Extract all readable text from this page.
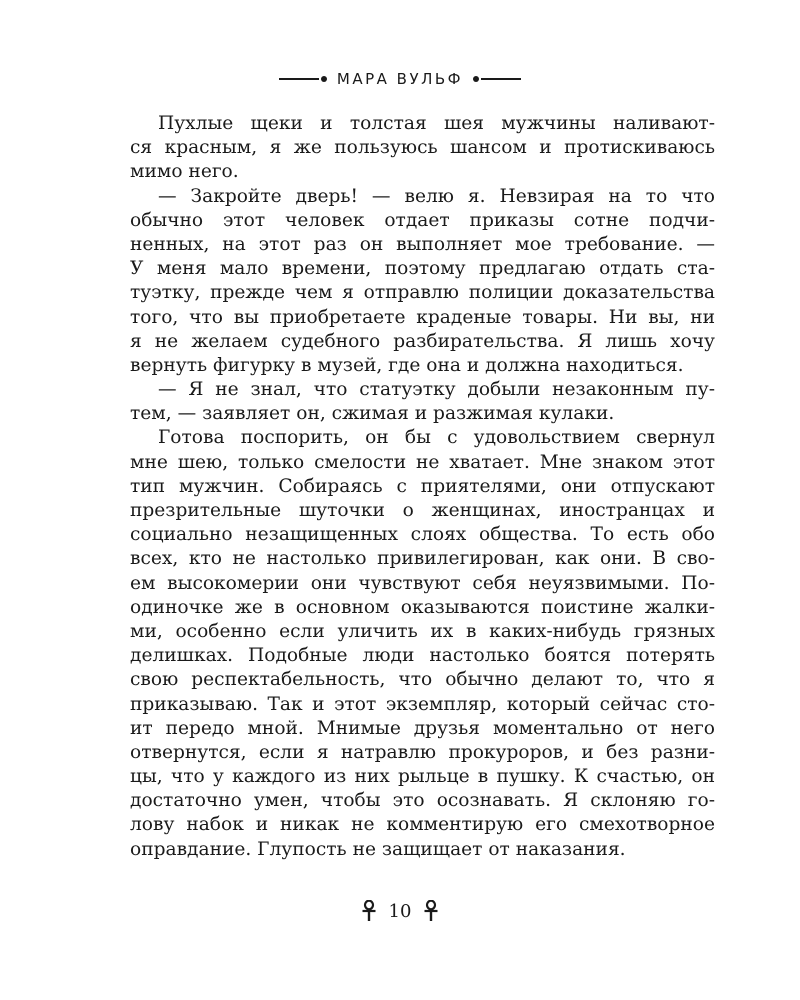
МАРА ВУЛЬФ
Пухлые щеки и толстая шея мужчины наливают-
ся красным, я же пользуюсь шансом и протискиваюсь
мимо него.
— Закройте дверь! — велю я. Невзирая на то что
обычно этот человек отдает приказы сотне подчи-
ненных, на этот раз он выполняет мое требование. —
У меня мало времени, поэтому предлагаю отдать ста-
туэтку, прежде чем я отправлю полиции доказательства
того, что вы приобретаете краденые товары. Ни вы, ни
я не желаем судебного разбирательства. Я лишь хочу
вернуть фигурку в музей, где она и должна находиться.
— Я не знал, что статуэтку добыли незаконным пу-
тем, — заявляет он, сжимая и разжимая кулаки.
Готова поспорить, он бы с удовольствием свернул
мне шею, только смелости не хватает. Мне знаком этот
тип мужчин. Собираясь с приятелями, они отпускают
презрительные шуточки о женщинах, иностранцах и
социально незащищенных слоях общества. То есть обо
всех, кто не настолько привилегирован, как они. В сво-
ем высокомерии они чувствуют себя неуязвимыми. По-
одиночке же в основном оказываются поистине жалки-
ми, особенно если уличить их в каких-нибудь грязных
делишках. Подобные люди настолько боятся потерять
свою респектабельность, что обычно делают то, что я
приказываю. Так и этот экземпляр, который сейчас сто-
ит передо мной. Мнимые друзья моментально от него
отвернутся, если я натравлю прокуроров, и без разни-
цы, что у каждого из них рыльце в пушку. К счастью, он
достаточно умен, чтобы это осознавать. Я склоняю го-
лову набок и никак не комментирую его смехотворное
оправдание. Глупость не защищает от наказания.
10
